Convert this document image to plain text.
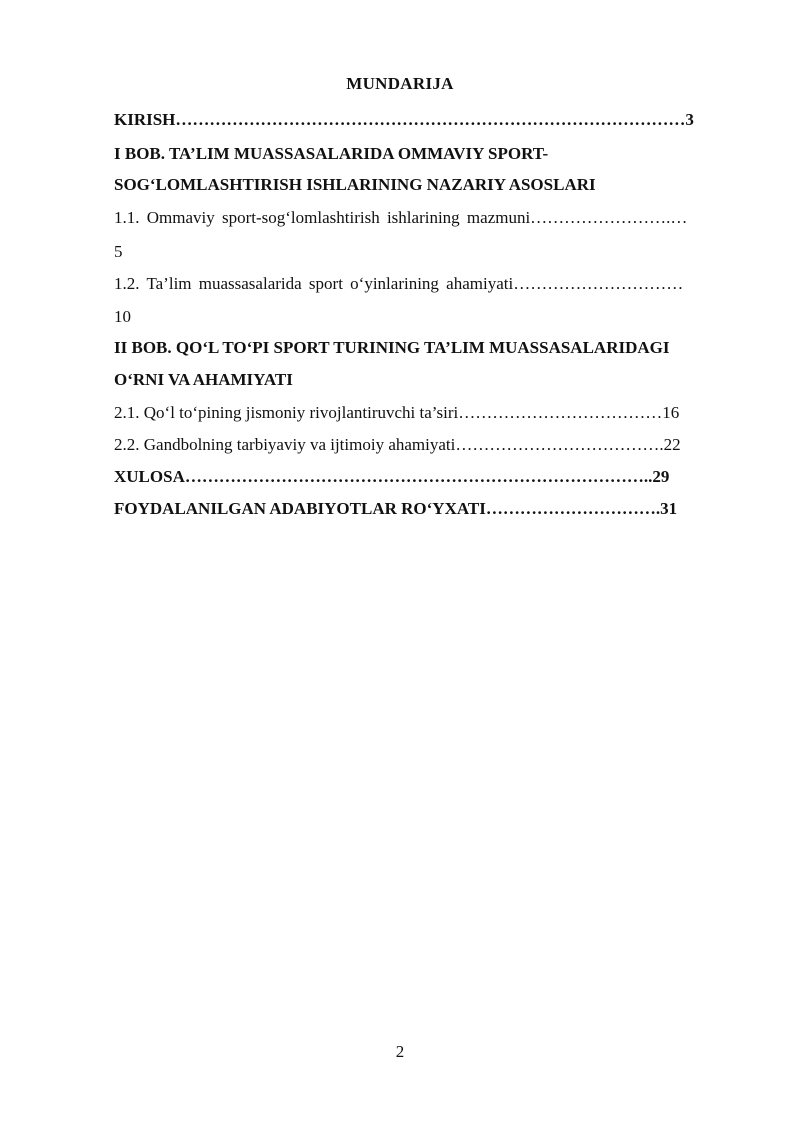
MUNDARIJA
KIRISH………………………………………………………………………………3
I BOB. TA’LIM MUASSASALARIDA OMMAVIY SPORT-
SOG‘LOMLASHTIRISH ISHLARINING NAZARIY ASOSLARI
1.1. Ommaviy sport-sog‘lomlashtirish ishlarining mazmuni…………………….…
5
1.2. Ta’lim muassasalarida sport o‘yinlarining ahamiyati…………………………
10
II BOB. QO‘L TO‘PI SPORT TURINING TA’LIM MUASSASALARIDAGI
O‘RNI VA AHAMIYATI
2.1. Qo‘l to‘pining jismoniy rivojlantiruvchi ta’siri………………………………16
2.2. Gandbolning tarbiyaviy va ijtimoiy ahamiyati……………………………….22
XULOSA………………………………………………………………………..29
FOYDALANILGAN ADABIYOTLAR RO‘YXATI………………………….31
2
